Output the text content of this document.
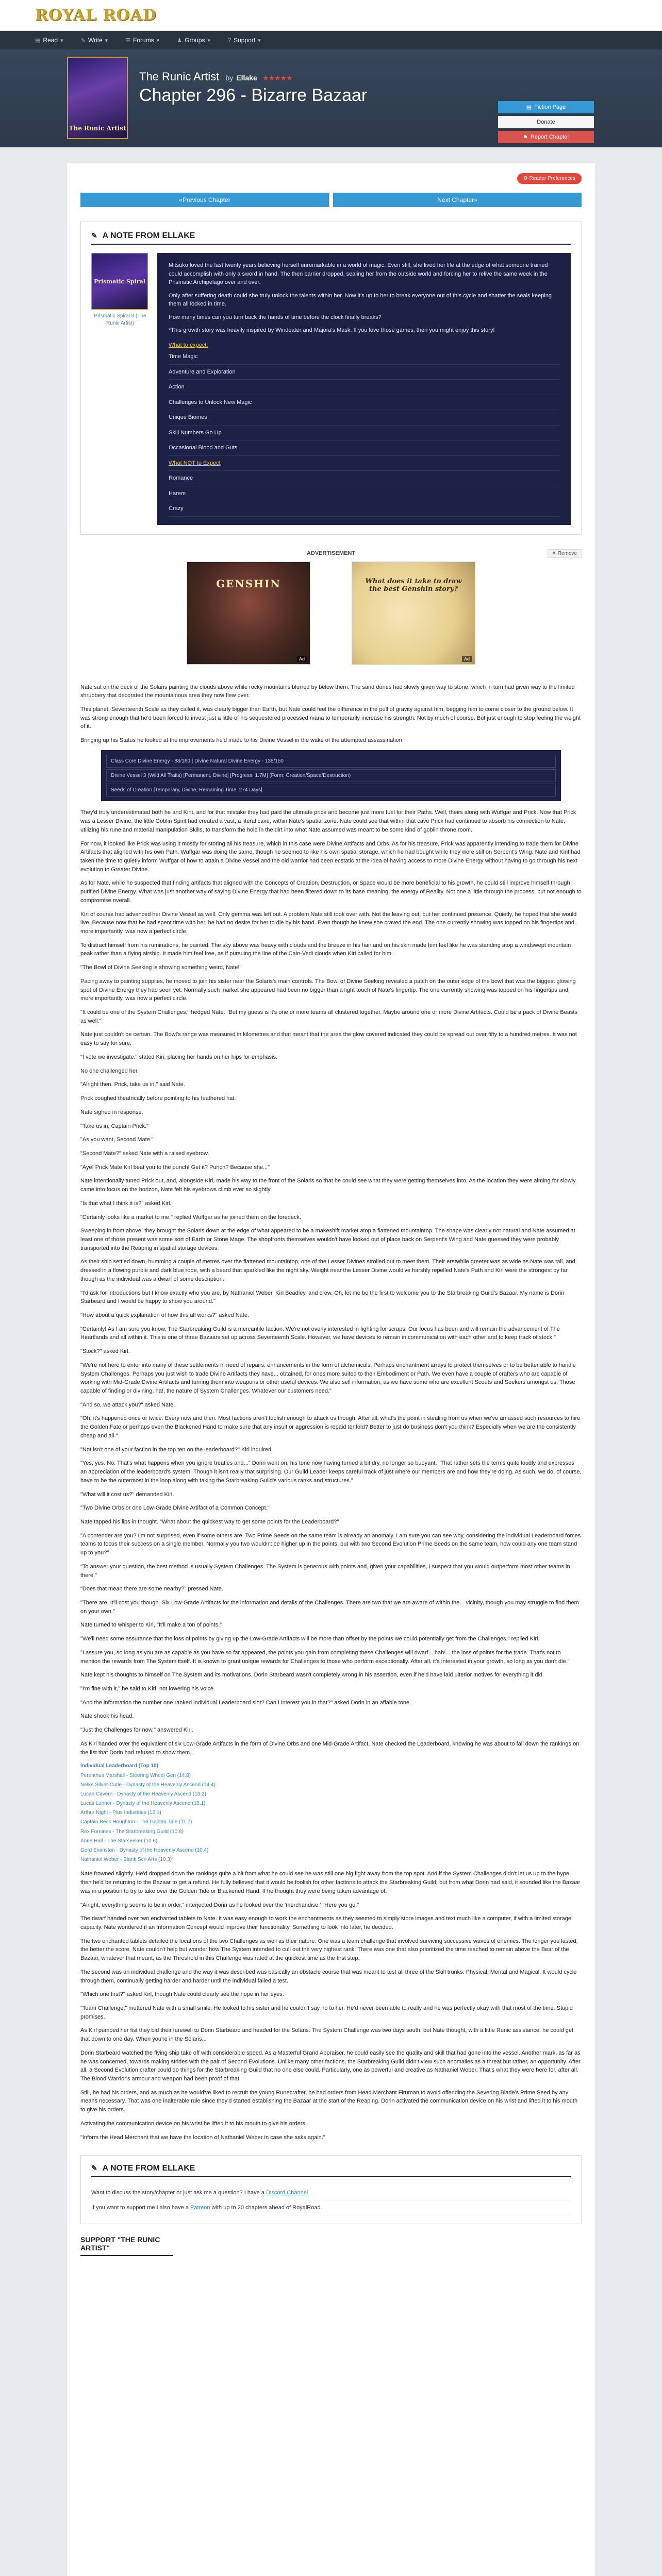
ROYAL ROAD
▤ Read ▾	✎ Write ▾	☰ Forums ▾	♟ Groups ▾	? Support ▾
The Runic Artist
The Runic Artist by Ellake ★★★★★
Chapter 296 - Bizarre Bazaar
▤ Fiction Page
Donate
⚑ Report Chapter
⚙ Reader Preferences
« Previous Chapter	Next Chapter »
✎ A NOTE FROM ELLAKE
Prismatic Spiral
Prismatic Spiral 3 (The Runic Artist)

Mitsuko loved the last twenty years believing herself unremarkable in a world of magic. Even still, she lived her life at the edge of what someone trained could accomplish with only a sword in hand. The then barrier dropped, sealing her from the outside world and forcing her to relive the same week in the Prismatic Archipelago over and over.

Only after suffering death could she truly unlock the talents within her. Now it's up to her to break everyone out of this cycle and shatter the seals keeping them all locked in time.

How many times can you turn back the hands of time before the clock finally breaks?

*This growth story was heavily inspired by Windeater and Majora's Mask. If you love those games, then you might enjoy this story!

What to expect:
Time Magic
Adventure and Exploration
Action
Challenges to Unlock New Magic
Unique Biomes
Skill Numbers Go Up
Occasional Blood and Guts
What NOT to Expect
Romance
Harem
Crazy
ADVERTISEMENT	✕ Remove
GENSHIN
Ad
What does it take to draw the best Genshin story?
Ad

Nate sat on the deck of the Solaris painting the clouds above while rocky mountains blurred by below them. The sand dunes had slowly given way to stone, which in turn had given way to the limited shrubbery that decorated the mountainous area they now flew over.

This planet, Seventeenth Scale as they called it, was clearly bigger than Earth, but Nate could feel the difference in the pull of gravity against him, begging him to come closer to the ground below. It was strong enough that he'd been forced to invest just a little of his sequestered processed mana to temporarily increase his strength. Not by much of course. But just enough to stop feeling the weight of it.

Bringing up his Status he looked at the improvements he'd made to his Divine Vessel in the wake of the attempted assassination:

Class Core Divine Energy - 88/160 | Divine Natural Divine Energy - 138/150
Divine Vessel 3 (Wild All Traits) [Permanent, Divine] [Progress: 1.7M] (Form: Creation/Space/Destruction)
Seeds of Creation [Temporary, Divine, Remaining Time: 274 Days]

They'd truly underestimated both he and Kirit, and for that mistake they had paid the ultimate price and become just more fuel for their Paths. Well, theirs along with Wuffgar and Prick. Now that Prick was a Lesser Divine, the little Goblin Spirit had created a vast, a literal cave, within Nate's spatial zone. Nate could see that within that cave Prick had continued to absorb his connection to Nate, utilizing his rune and material manipulation Skills, to transform the hole in the dirt into what Nate assumed was meant to be some kind of goblin throne room.

For now, it looked like Prick was using it mostly for storing all his treasure, which in this case were Divine Artifacts and Orbs. As for his treasure, Prick was apparently intending to trade them for Divine Artifacts that aligned with his own Path. Wuffgar was doing the same, though he seemed to like his own spatial storage, which he had bought while they were still on Serpent's Wing. Nate and Kirit had taken the time to quietly inform Wuffgar of how to attain a Divine Vessel and the old warrior had been ecstatic at the idea of having access to more Divine Energy without having to go through his next evolution to Greater Divine.

As for Nate, while he suspected that finding artifacts that aligned with the Concepts of Creation, Destruction, or Space would be more beneficial to his growth, he could still improve himself through purified Divine Energy. What was just another way of saying Divine Energy that had been filtered down to its base meaning, the energy of Reality. Not one a little through the process, but not enough to compromise overall.

Kiri of course had advanced her Divine Vessel as well. Only gemma was left out. A problem Nate still took over with. Not the leaving out, but her continued presence. Quietly, he hoped that she would live. Because now that he had spent time with her, he had no desire for her to die by his hand. Even though he knew she craved the end. The one currently showing was topped on his fingertips and, more importantly, was now a perfect circle.

To distract himself from his ruminations, he painted. The sky above was heavy with clouds and the breeze in his hair and on his skin made him feel like he was standing atop a windswept mountain peak rather than a flying airship. It made him feel free, as if pursuing the line of the Cain-Vedi clouds when Kiri called for him.

"The Bowl of Divine Seeking is showing something weird, Nate!"

Pacing away to painting supplies, he moved to join his sister near the Solaris's main controls. The Bowl of Divine Seeking revealed a patch on the outer edge of the bowl that was the biggest glowing spot of Divine Energy they had seen yet. Normally such market she appeared had been no bigger than a light touch of Nate's fingertip. The one currently showing was topped on his fingertips and, more importantly, was now a perfect circle.

"It could be one of the System Challenges," hedged Nate. "But my guess is it's one or more teams all clustered together. Maybe around one or more Divine Artifacts. Could be a pack of Divine Beasts as well."

Nate just couldn't be certain. The Bowl's range was measured in kilometres and that meant that the area the glow covered indicated they could be spread out over fifty to a hundred metres. It was not easy to say for sure.

"I vote we investigate," stated Kiri, placing her hands on her hips for emphasis.

No one challenged her.

"Alright then. Prick, take us in," said Nate.

Prick coughed theatrically before pointing to his feathered hat.

Nate sighed in response.

"Take us in, Captain Prick."

"As you want, Second Mate."

"Second Mate?" asked Nate with a raised eyebrow.

"Aye! Prick Mate Kirl beat you to the punch! Get it? Punch? Because she..."

Nate intentionally tuned Prick out, and, alongside Kirl, made his way to the front of the Solaris so that he could see what they were getting themselves into. As the location they were aiming for slowly came into focus on the horizon, Nate felt his eyebrows climb ever so slightly.

"Is that what I think it is?" asked Kirl.

"Certainly looks like a market to me," replied Wuffgar as he joined them on the foredeck.

Sweeping in from above, they brought the Solaris down at the edge of what appeared to be a makeshift market atop a flattened mountaintop. The shape was clearly not natural and Nate assumed at least one of those present was some sort of Earth or Stone Mage. The shopfronts themselves wouldn't have looked out of place back on Serpent's Wing and Nate guessed they were probably transported into the Reaping in spatial storage devices.

As their ship settled down, humming a couple of metres over the flattened mountaintop, one of the Lesser Divines strolled out to meet them. Their erstwhile greeter was as wide as Nate was tall, and dressed in a flowing purple and dark blue robe, with a beard that sparkled like the night sky. Weight near the Lesser Divine would've harshly repelled Nate's Path and Kirl were the strongest by far though as the individual was a dwarf of some description.

"I'd ask for introductions but I know exactly who you are, by Nathaniel Weber, Kirl Beadley, and crew. Oh, let me be the first to welcome you to the Starbreaking Guild's Bazaar. My name is Dorin Starbeard and I would be happy to show you around."

"How about a quick explanation of how this all works?" asked Nate.

"Certainly! As I am sure you know, The Starbreaking Guild is a mercantile faction. We're not overly interested in fighting for scraps. Our focus has been and will remain the advancement of The Heartlands and all within it. This is one of three Bazaars set up across Seventeenth Scale. However, we have devices to remain in communication with each other and to keep track of stock."

"Stock?" asked Kirl.

"We're not here to enter into many of these settlements in need of repairs, enhancements in the form of alchemicals. Perhaps enchantment arrays to protect themselves or to be better able to handle System Challenges. Perhaps you just wish to trade Divine Artifacts they have... obtained, for ones more suited to their Embodiment or Path. We even have a couple of crafters who are capable of working with Mid-Grade Divine Artifacts and turning them into weapons or other useful devices. We also sell information, as we have some who are excellent Scouts and Seekers amongst us. Those capable of finding or divining, ha!, the nature of System Challenges. Whatever our customers need."

"And so, we attack you?" asked Nate.

"Oh, it's happened once or twice. Every now and then. Most factions aren't foolish enough to attack us though. After all, what's the point in stealing from us when we've amassed such resources to hire the Golden Fate or perhaps even the Blackened Hand to make sure that any insult or aggression is repaid tenfold? Better to just do business don't you think? Especially when we are the consistently cheap and all."

"Not isn't one of your faction in the top ten on the leaderboard?" Kirl inquired.

"Yes, yes. No. That's what happens when you ignore treaties and..." Dorin went on, his tone now having turned a bit dry, no longer so buoyant. "That rather sets the terms quite loudly and expresses an appreciation of the leaderboard's system. Though it isn't really that surprising. Our Guild Leader keeps careful track of just where our members are and how they're doing. As such, we do, of course, have to be the outermost in the loop along with taking the Starbreaking Guild's various ranks and structures."

"What will it cost us?" demanded Kirl.

"Two Divine Orbs or one Low-Grade Divine Artifact of a Common Concept."

Nate tapped his lips in thought. "What about the quickest way to get some points for the Leaderboard?"

"A contender are you? I'm not surprised, even if some others are. Two Prime Seeds on the same team is already an anomaly. I am sure you can see why, considering the individual Leaderboard forces teams to focus their success on a single member. Normally you two wouldn't be higher up in the points, but with two Second Evolution Prime Seeds on the same team, how could any one team stand up to you?"

"To answer your question, the best method is usually System Challenges. The System is generous with points and, given your capabilities, I suspect that you would outperform most other teams in there."

"Does that mean there are some nearby?" pressed Nate.

"There are. It'll cost you though. Six Low-Grade Artifacts for the information and details of the Challenges. There are two that we are aware of within the... vicinity, though you may struggle to find them on your own."

Nate turned to whisper to Kirl, "It'll make a ton of points."

"We'll need some assurance that the loss of points by giving up the Low-Grade Artifacts will be more than offset by the points we could potentially get from the Challenges," replied Kirl.

"I assure you, so long as you are as capable as you have so far appeared, the points you gain from completing these Challenges will dwarf... hah!... the loss of points for the trade. That's not to mention the rewards from The System itself. It is known to grant unique rewards for Challenges to those who perform exceptionally. After all, it's interested in your growth, so long as you don't die."

Nate kept his thoughts to himself on The System and its motivations. Dorin Starbeard wasn't completely wrong in his assertion, even if he'd have laid ulterior motives for everything it did.

"I'm fine with it," he said to Kirl, not lowering his voice.

"And the information the number one ranked individual Leaderboard slot? Can I interest you in that?" asked Dorin in an affable tone.

Nate shook his head.

"Just the Challenges for now," answered Kirl.

As Kirl handed over the equivalent of six Low-Grade Artifacts in the form of Divine Orbs and one Mid-Grade Artifact, Nate checked the Leaderboard, knowing he was about to fall down the rankings on the list that Dorin had refused to show them.

Individual Leaderboard (Top 10)
Perenthus Marshall - Steering Wheel Gen (14.8)
Nelke Silver-Cutie - Dynasty of the Heavenly Ascend (14.4)
Lucan Cavern - Dynasty of the Heavenly Ascend (13.2)
Lucas Lunner - Dynasty of the Heavenly Ascend (13.1)
Arthur Night - Plus Industries (12.1)
Captain Beck Houghton - The Golden Tide (11.7)
Rex Fornines - The Starbreaking Guild (10.8)
Anne Hall - The Starseeker (10.6)
Gerd Evanston - Dynasty of the Heavenly Ascend (10.4)
Nathaniel Weber - Blank Scri Arts (10.3)

Nate frowned slightly. He'd dropped down the rankings quite a bit from what he could see he was still one big fight away from the top spot. And if the System Challenges didn't let us up to the hype, then he'd be returning to the Bazaar to get a refund. He fully believed that it would be foolish for other factions to attack the Starbreaking Guild, but from what Dorin had said, it sounded like the Bazaar was in a position to try to take over the Golden Tide or Blackened Hand. If he thought they were being taken advantage of.

"Alright, everything seems to be in order," interjected Dorin as he looked over the 'merchandise.' "Here you go."

The dwarf handed over two enchanted tablets to Nate. It was easy enough to work the enchantments as they seemed to simply store images and text much like a computer, if with a limited storage capacity. Nate wondered if an Information Concept would improve their functionality. Something to look into later, he decided.

The two enchanted tablets detailed the locations of the two Challenges as well as their nature. One was a team challenge that involved surviving successive waves of enemies. The longer you lasted, the better the score. Nate couldn't help but wonder how The System intended to cull out the very highest rank. There was one that also prioritized the time reached to remain above the Bear of the Bazaar, whatever that meant, as the Threshold in this Challenge was rated at the quickest time as the first step.

The second was an individual challenge and the way it was described was basically an obstacle course that was meant to test all three of the Skill trunks: Physical, Mental and Magical. It would cycle through them, continually getting harder and harder until the individual failed a test.

"Which one first?" asked Kirl, though Nate could clearly see the hope in her eyes.

"Team Challenge," muttered Nate with a small smile. He looked to his sister and he couldn't say no to her. He'd never been able to really and he was perfectly okay with that most of the time. Stupid promises.

As Kirl pumped her fist they bid their farewell to Dorin Starbeard and headed for the Solaris. The System Challenge was two days south, but Nate thought, with a little Runic assistance, he could get that down to one day. When you're in the Solaris...

Dorin Starbeard watched the flying ship take off with considerable speed. As a Masterful Grand Appraiser, he could easily see the quality and skill that had gone into the vessel. Another mark, as far as he was concerned, towards making strides with the pair of Second Evolutions. Unlike many other factions, the Starbreaking Guild didn't view such anomalies as a threat but rather, an opportunity. After all, a Second Evolution crafter could do things for the Starbreaking Guild that no one else could. Particularly, one as powerful and creative as Nathaniel Weber. That's what they were here for, after all. The Blood Warrior's armour and weapon had been proof of that.

Still, he had his orders, and as much as he would've liked to recruit the young Runecrafter, he had orders from Head Merchant Firuman to avoid offending the Severing Blade's Prime Seed by any means necessary. That was one inalterable rule since they'd started establishing the Bazaar at the start of the Reaping. Dorin activated the communication device on his wrist and lifted it to his mouth to give his orders.

Activating the communication device on his wrist he lifted it to his mouth to give his orders.

"Inform the Head Merchant that we have the location of Nathaniel Weber in case she asks again."

✎ A NOTE FROM ELLAKE
Want to discuss the story/chapter or just ask me a question? I have a Discord Channel
If you want to support me I also have a Patreon with up to 20 chapters ahead of RoyalRoad.
SUPPORT "THE RUNIC ARTIST"
